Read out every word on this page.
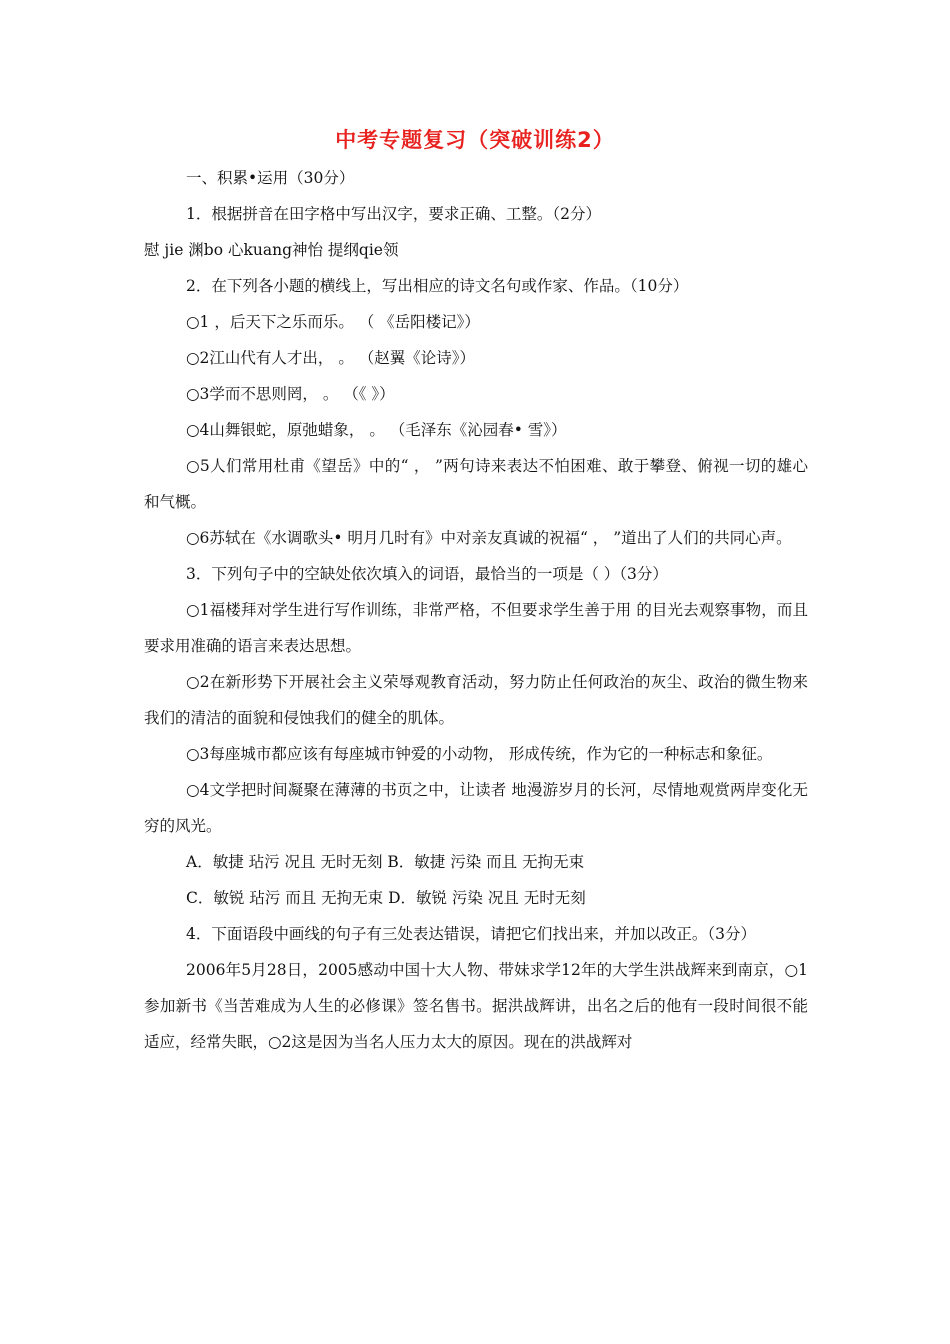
中考专题复习（突破训练2）

一、积累•运用（30分）

1．根据拼音在田字格中写出汉字，要求正确、工整。（2分）

慰 jie 渊bo 心kuang神怡 提纲qie领

2．在下列各小题的横线上，写出相应的诗文名句或作家、作品。（10分）

○1 ，后天下之乐而乐。 （ 《岳阳楼记》）

○2江山代有人才出， 。 （赵翼《论诗》）

○3学而不思则罔， 。 （《 》）

○4山舞银蛇，原弛蜡象， 。 （毛泽东《沁园春• 雪》）

○5人们常用杜甫《望岳》中的“ ， ”两句诗来表达不怕困难、敢于攀登、俯视一切的雄心和气概。

○6苏轼在《水调歌头• 明月几时有》中对亲友真诚的祝福“ ， ”道出了人们的共同心声。

3．下列句子中的空缺处依次填入的词语，最恰当的一项是（ ）（3分）

○1福楼拜对学生进行写作训练，非常严格，不但要求学生善于用 的目光去观察事物，而且要求用准确的语言来表达思想。

○2在新形势下开展社会主义荣辱观教育活动，努力防止任何政治的灰尘、政治的微生物来 我们的清洁的面貌和侵蚀我们的健全的肌体。

○3每座城市都应该有每座城市钟爱的小动物， 形成传统，作为它的一种标志和象征。

○4文学把时间凝聚在薄薄的书页之中，让读者 地漫游岁月的长河，尽情地观赏两岸变化无穷的风光。

A．敏捷 玷污 况且 无时无刻 B．敏捷 污染 而且 无拘无束

C．敏锐 玷污 而且 无拘无束 D．敏锐 污染 况且 无时无刻

4．下面语段中画线的句子有三处表达错误，请把它们找出来，并加以改正。（3分）

2006年5月28日，2005感动中国十大人物、带妹求学12年的大学生洪战辉来到南京，○1参加新书《当苦难成为人生的必修课》签名售书。据洪战辉讲，出名之后的他有一段时间很不能适应，经常失眠，○2这是因为当名人压力太大的原因。现在的洪战辉对
